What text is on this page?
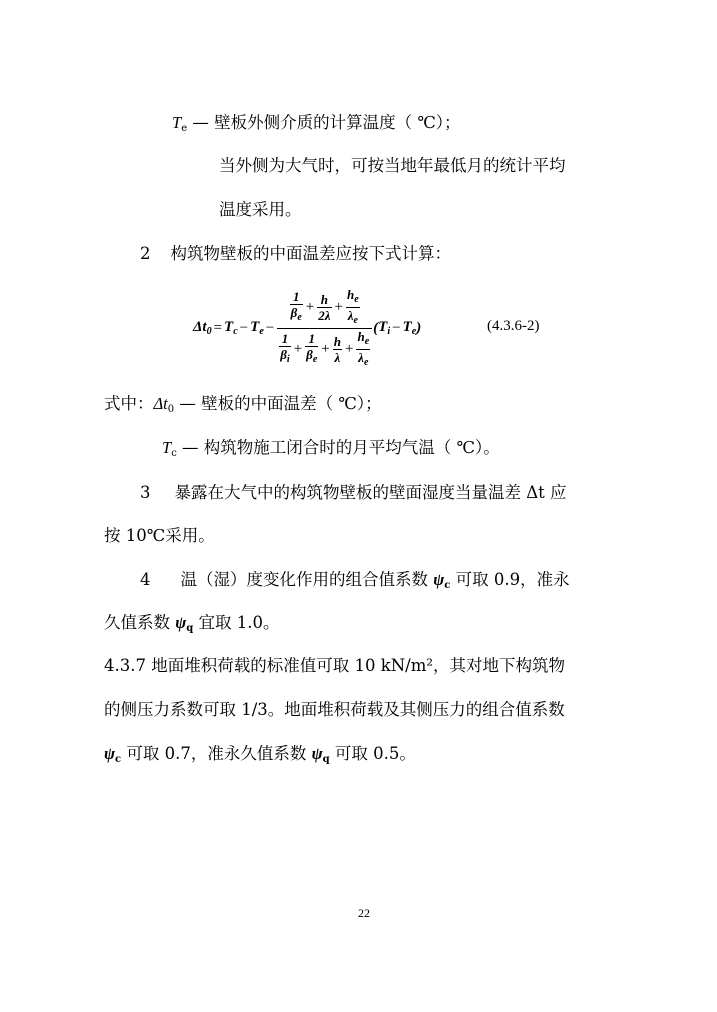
$T_e$ — 壁板外侧介质的计算温度（ ℃）；
当外侧为大气时，可按当地年最低月的统计平均
温度采用。
2 构筑物壁板的中面温差应按下式计算：
$\Delta t_0 = T_c - T_e$ −
$\frac{1}{\beta_e} + \frac{h}{2\lambda} + \frac{h_e}{\lambda_e}$
$\frac{1}{\beta_i} + \frac{1}{\beta_e} + \frac{h}{\lambda} + \frac{h_e}{\lambda_e}$
( $T_i - T_e$ )	(4.3.6-2)
式中：$\Delta t_0$ — 壁板的中面温差（ ℃）；
$T_c$ — 构筑物施工闭合时的月平均气温（ ℃）。
3 暴露在大气中的构筑物壁板的壁面湿度当量温差 Δt 应
按 10℃采用。
4 温（湿）度变化作用的组合值系数 $\psi_c$ 可取 0.9，准永
久值系数 $\psi_q$ 宜取 1.0。
4.3.7 地面堆积荷载的标准值可取 10 kN/m²，其对地下构筑物
的侧压力系数可取 1/3。地面堆积荷载及其侧压力的组合值系数
$\psi_c$ 可取 0.7，准永久值系数 $\psi_q$ 可取 0.5。
22
